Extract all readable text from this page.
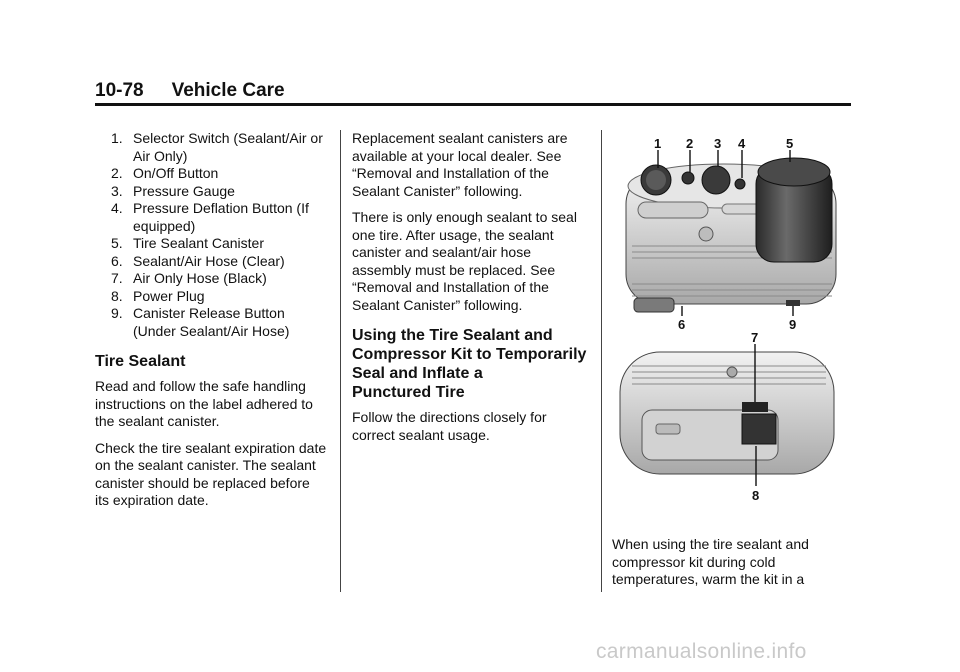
10-78 Vehicle Care
1. Selector Switch (Sealant/Air or Air Only)
2. On/Off Button
3. Pressure Gauge
4. Pressure Deflation Button (If equipped)
5. Tire Sealant Canister
6. Sealant/Air Hose (Clear)
7. Air Only Hose (Black)
8. Power Plug
9. Canister Release Button (Under Sealant/Air Hose)
Tire Sealant

Read and follow the safe handling instructions on the label adhered to the sealant canister.

Check the tire sealant expiration date on the sealant canister. The sealant canister should be replaced before its expiration date.

Replacement sealant canisters are available at your local dealer. See “Removal and Installation of the Sealant Canister” following.

There is only enough sealant to seal one tire. After usage, the sealant canister and sealant/air hose assembly must be replaced. See “Removal and Installation of the Sealant Canister” following.

Using the Tire Sealant and
Compressor Kit to Temporarily
Seal and Inflate a
Punctured Tire

Follow the directions closely for correct sealant usage.

1 2 3 4	5
6	9
7
8

When using the tire sealant and compressor kit during cold temperatures, warm the kit in a

carmanualsonline.info
